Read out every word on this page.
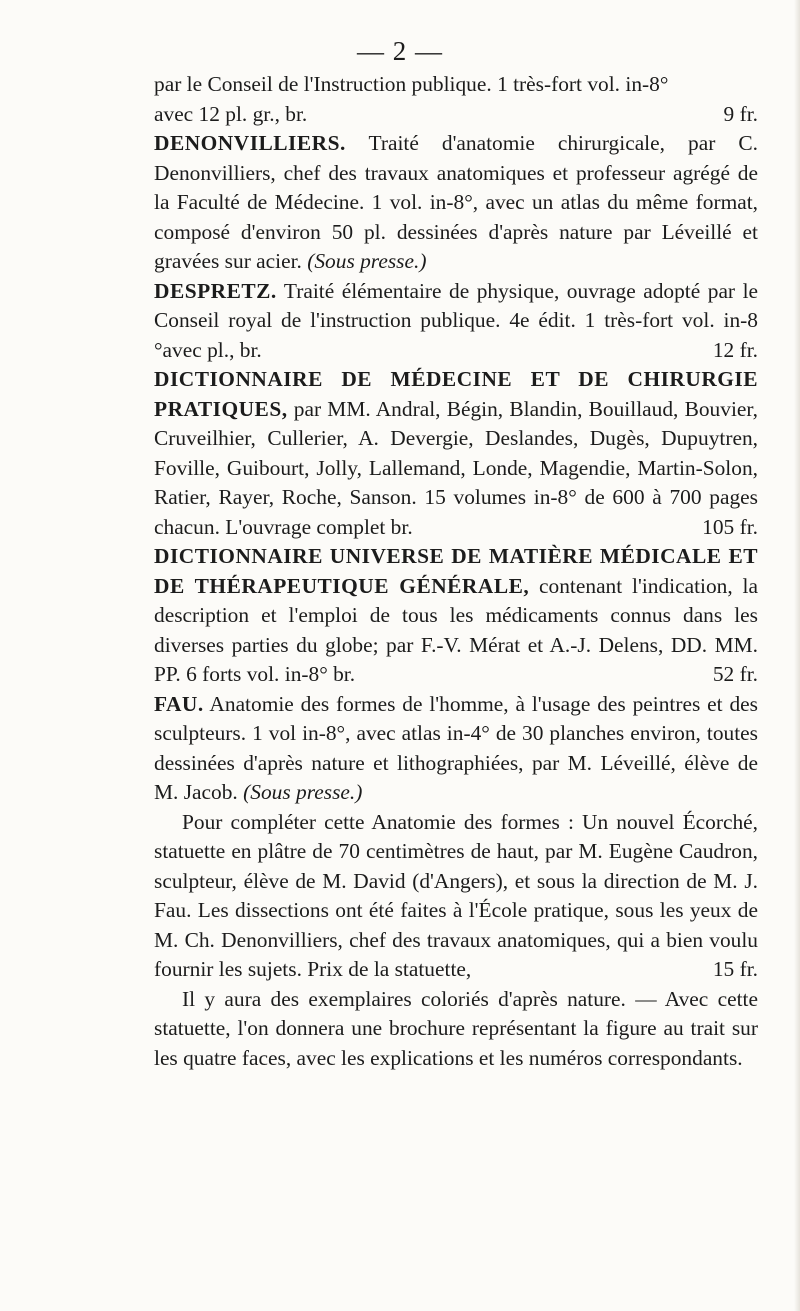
— 2 —
par le Conseil de l'Instruction publique. 1 très-fort vol. in-8°
avec 12 pl. gr., br.	9 fr.
DENONVILLIERS. Traité d'anatomie chirurgicale, par C. Denonvilliers, chef des travaux anatomiques et professeur agrégé de la Faculté de Médecine. 1 vol. in-8°, avec un atlas du même format, composé d'environ 50 pl. dessinées d'après nature par Léveillé et gravées sur acier. (Sous presse.)
DESPRETZ. Traité élémentaire de physique, ouvrage adopté par le Conseil royal de l'instruction publique. 4e édit. 1 très-fort vol. in-8 °avec pl., br.	12 fr.
DICTIONNAIRE DE MÉDECINE ET DE CHIRURGIE PRATIQUES, par MM. Andral, Bégin, Blandin, Bouillaud, Bouvier, Cruveilhier, Cullerier, A. Devergie, Deslandes, Dugès, Dupuytren, Foville, Guibourt, Jolly, Lallemand, Londe, Magendie, Martin-Solon, Ratier, Rayer, Roche, Sanson. 15 volumes in-8° de 600 à 700 pages chacun. L'ouvrage complet br.	105 fr.
DICTIONNAIRE UNIVERSE DE MATIÈRE MÉDICALE ET DE THÉRAPEUTIQUE GÉNÉRALE, contenant l'indication, la description et l'emploi de tous les médicaments connus dans les diverses parties du globe; par F.-V. Mérat et A.-J. Delens, DD. MM. PP. 6 forts vol. in-8° br.	52 fr.
FAU. Anatomie des formes de l'homme, à l'usage des peintres et des sculpteurs. 1 vol in-8°, avec atlas in-4° de 30 planches environ, toutes dessinées d'après nature et lithographiées, par M. Léveillé, élève de M. Jacob. (Sous presse.)
Pour compléter cette Anatomie des formes : Un nouvel Écorché, statuette en plâtre de 70 centimètres de haut, par M. Eugène Caudron, sculpteur, élève de M. David (d'Angers), et sous la direction de M. J. Fau. Les dissections ont été faites à l'École pratique, sous les yeux de M. Ch. Denonvilliers, chef des travaux anatomiques, qui a bien voulu fournir les sujets. Prix de la statuette,	15 fr.
Il y aura des exemplaires coloriés d'après nature. — Avec cette statuette, l'on donnera une brochure représentant la figure au trait sur les quatre faces, avec les explications et les numéros correspondants.
